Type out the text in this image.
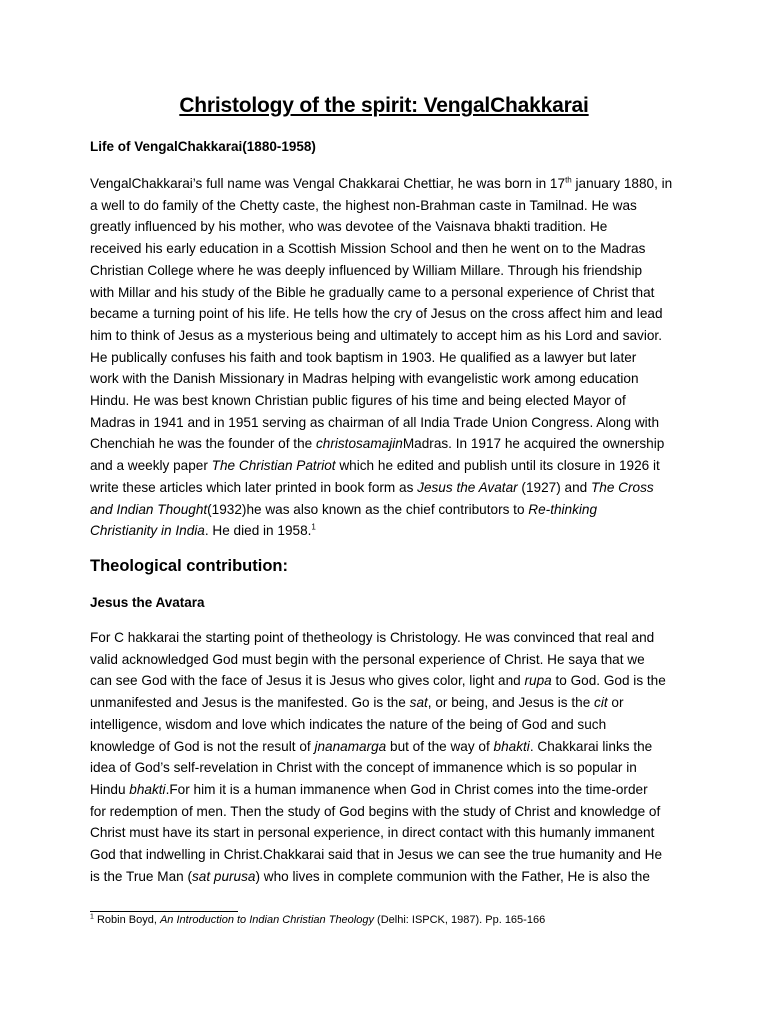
Christology of the spirit: VengalChakkarai
Life of VengalChakkarai(1880-1958)
VengalChakkarai’s full name was Vengal Chakkarai Chettiar, he was born in 17th january 1880, in
a well to do family of the Chetty caste, the highest non-Brahman caste in Tamilnad. He was
greatly influenced by his mother, who was devotee of the Vaisnava bhakti tradition. He
received his early education in a Scottish Mission School and then he went on to the Madras
Christian College where he was deeply influenced by William Millare. Through his friendship
with Millar and his study of the Bible he gradually came to a personal experience of Christ that
became a turning point of his life. He tells how the cry of Jesus on the cross affect him and lead
him to think of Jesus as a mysterious being and ultimately to accept him as his Lord and savior.
He publically confuses his faith and took baptism in 1903. He qualified as a lawyer but later
work with the Danish Missionary in Madras helping with evangelistic work among education
Hindu. He was best known Christian public figures of his time and being elected Mayor of
Madras in 1941 and in 1951 serving as chairman of all India Trade Union Congress. Along with
Chenchiah he was the founder of the christosamajinMadras. In 1917 he acquired the ownership
and a weekly paper The Christian Patriot which he edited and publish until its closure in 1926 it
write these articles which later printed in book form as Jesus the Avatar (1927) and The Cross
and Indian Thought(1932)he was also known as the chief contributors to Re-thinking
Christianity in India. He died in 1958.$^1$
Theological contribution:
Jesus the Avatara
For C hakkarai the starting point of thetheology is Christology. He was convinced that real and
valid acknowledged God must begin with the personal experience of Christ. He saya that we
can see God with the face of Jesus it is Jesus who gives color, light and rupa to God. God is the
unmanifested and Jesus is the manifested. Go is the sat, or being, and Jesus is the cit or
intelligence, wisdom and love which indicates the nature of the being of God and such
knowledge of God is not the result of jnanamarga but of the way of bhakti. Chakkarai links the
idea of God’s self-revelation in Christ with the concept of immanence which is so popular in
Hindu bhakti.For him it is a human immanence when God in Christ comes into the time-order
for redemption of men. Then the study of God begins with the study of Christ and knowledge of
Christ must have its start in personal experience, in direct contact with this humanly immanent
God that indwelling in Christ.Chakkarai said that in Jesus we can see the true humanity and He
is the True Man (sat purusa) who lives in complete communion with the Father, He is also the

$^1$ Robin Boyd, An Introduction to Indian Christian Theology (Delhi: ISPCK, 1987). Pp. 165-166
